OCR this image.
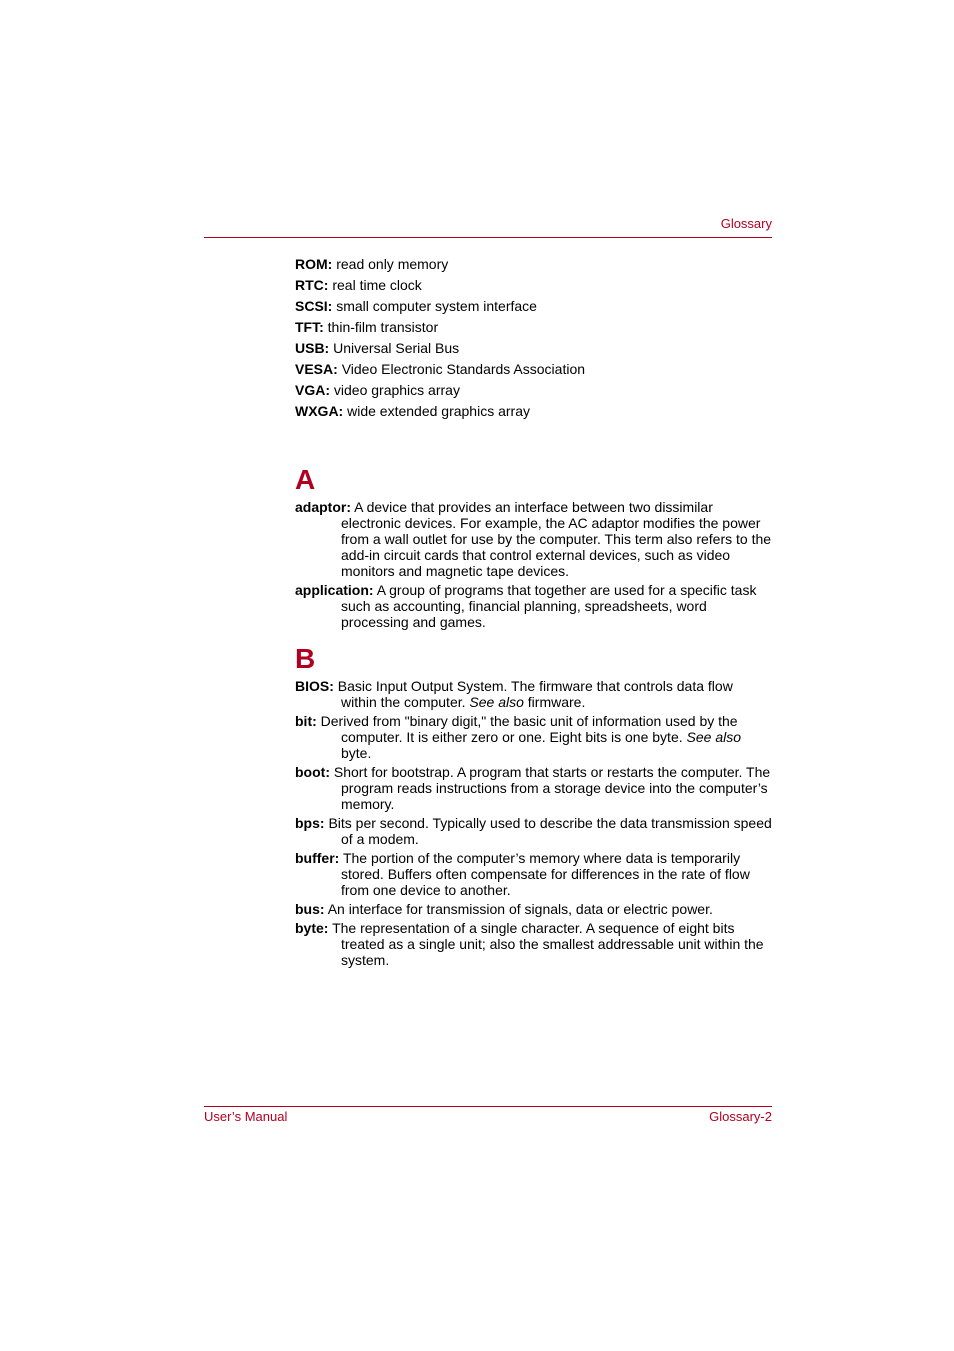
Glossary
ROM: read only memory
RTC: real time clock
SCSI: small computer system interface
TFT: thin-film transistor
USB: Universal Serial Bus
VESA: Video Electronic Standards Association
VGA: video graphics array
WXGA: wide extended graphics array
A
adaptor: A device that provides an interface between two dissimilar electronic devices. For example, the AC adaptor modifies the power from a wall outlet for use by the computer. This term also refers to the add-in circuit cards that control external devices, such as video monitors and magnetic tape devices.
application: A group of programs that together are used for a specific task such as accounting, financial planning, spreadsheets, word processing and games.
B
BIOS: Basic Input Output System. The firmware that controls data flow within the computer. See also firmware.
bit: Derived from "binary digit," the basic unit of information used by the computer. It is either zero or one. Eight bits is one byte. See also byte.
boot: Short for bootstrap. A program that starts or restarts the computer. The program reads instructions from a storage device into the computer’s memory.
bps: Bits per second. Typically used to describe the data transmission speed of a modem.
buffer: The portion of the computer’s memory where data is temporarily stored. Buffers often compensate for differences in the rate of flow from one device to another.
bus: An interface for transmission of signals, data or electric power.
byte: The representation of a single character. A sequence of eight bits treated as a single unit; also the smallest addressable unit within the system.
User’s Manual	Glossary-2
